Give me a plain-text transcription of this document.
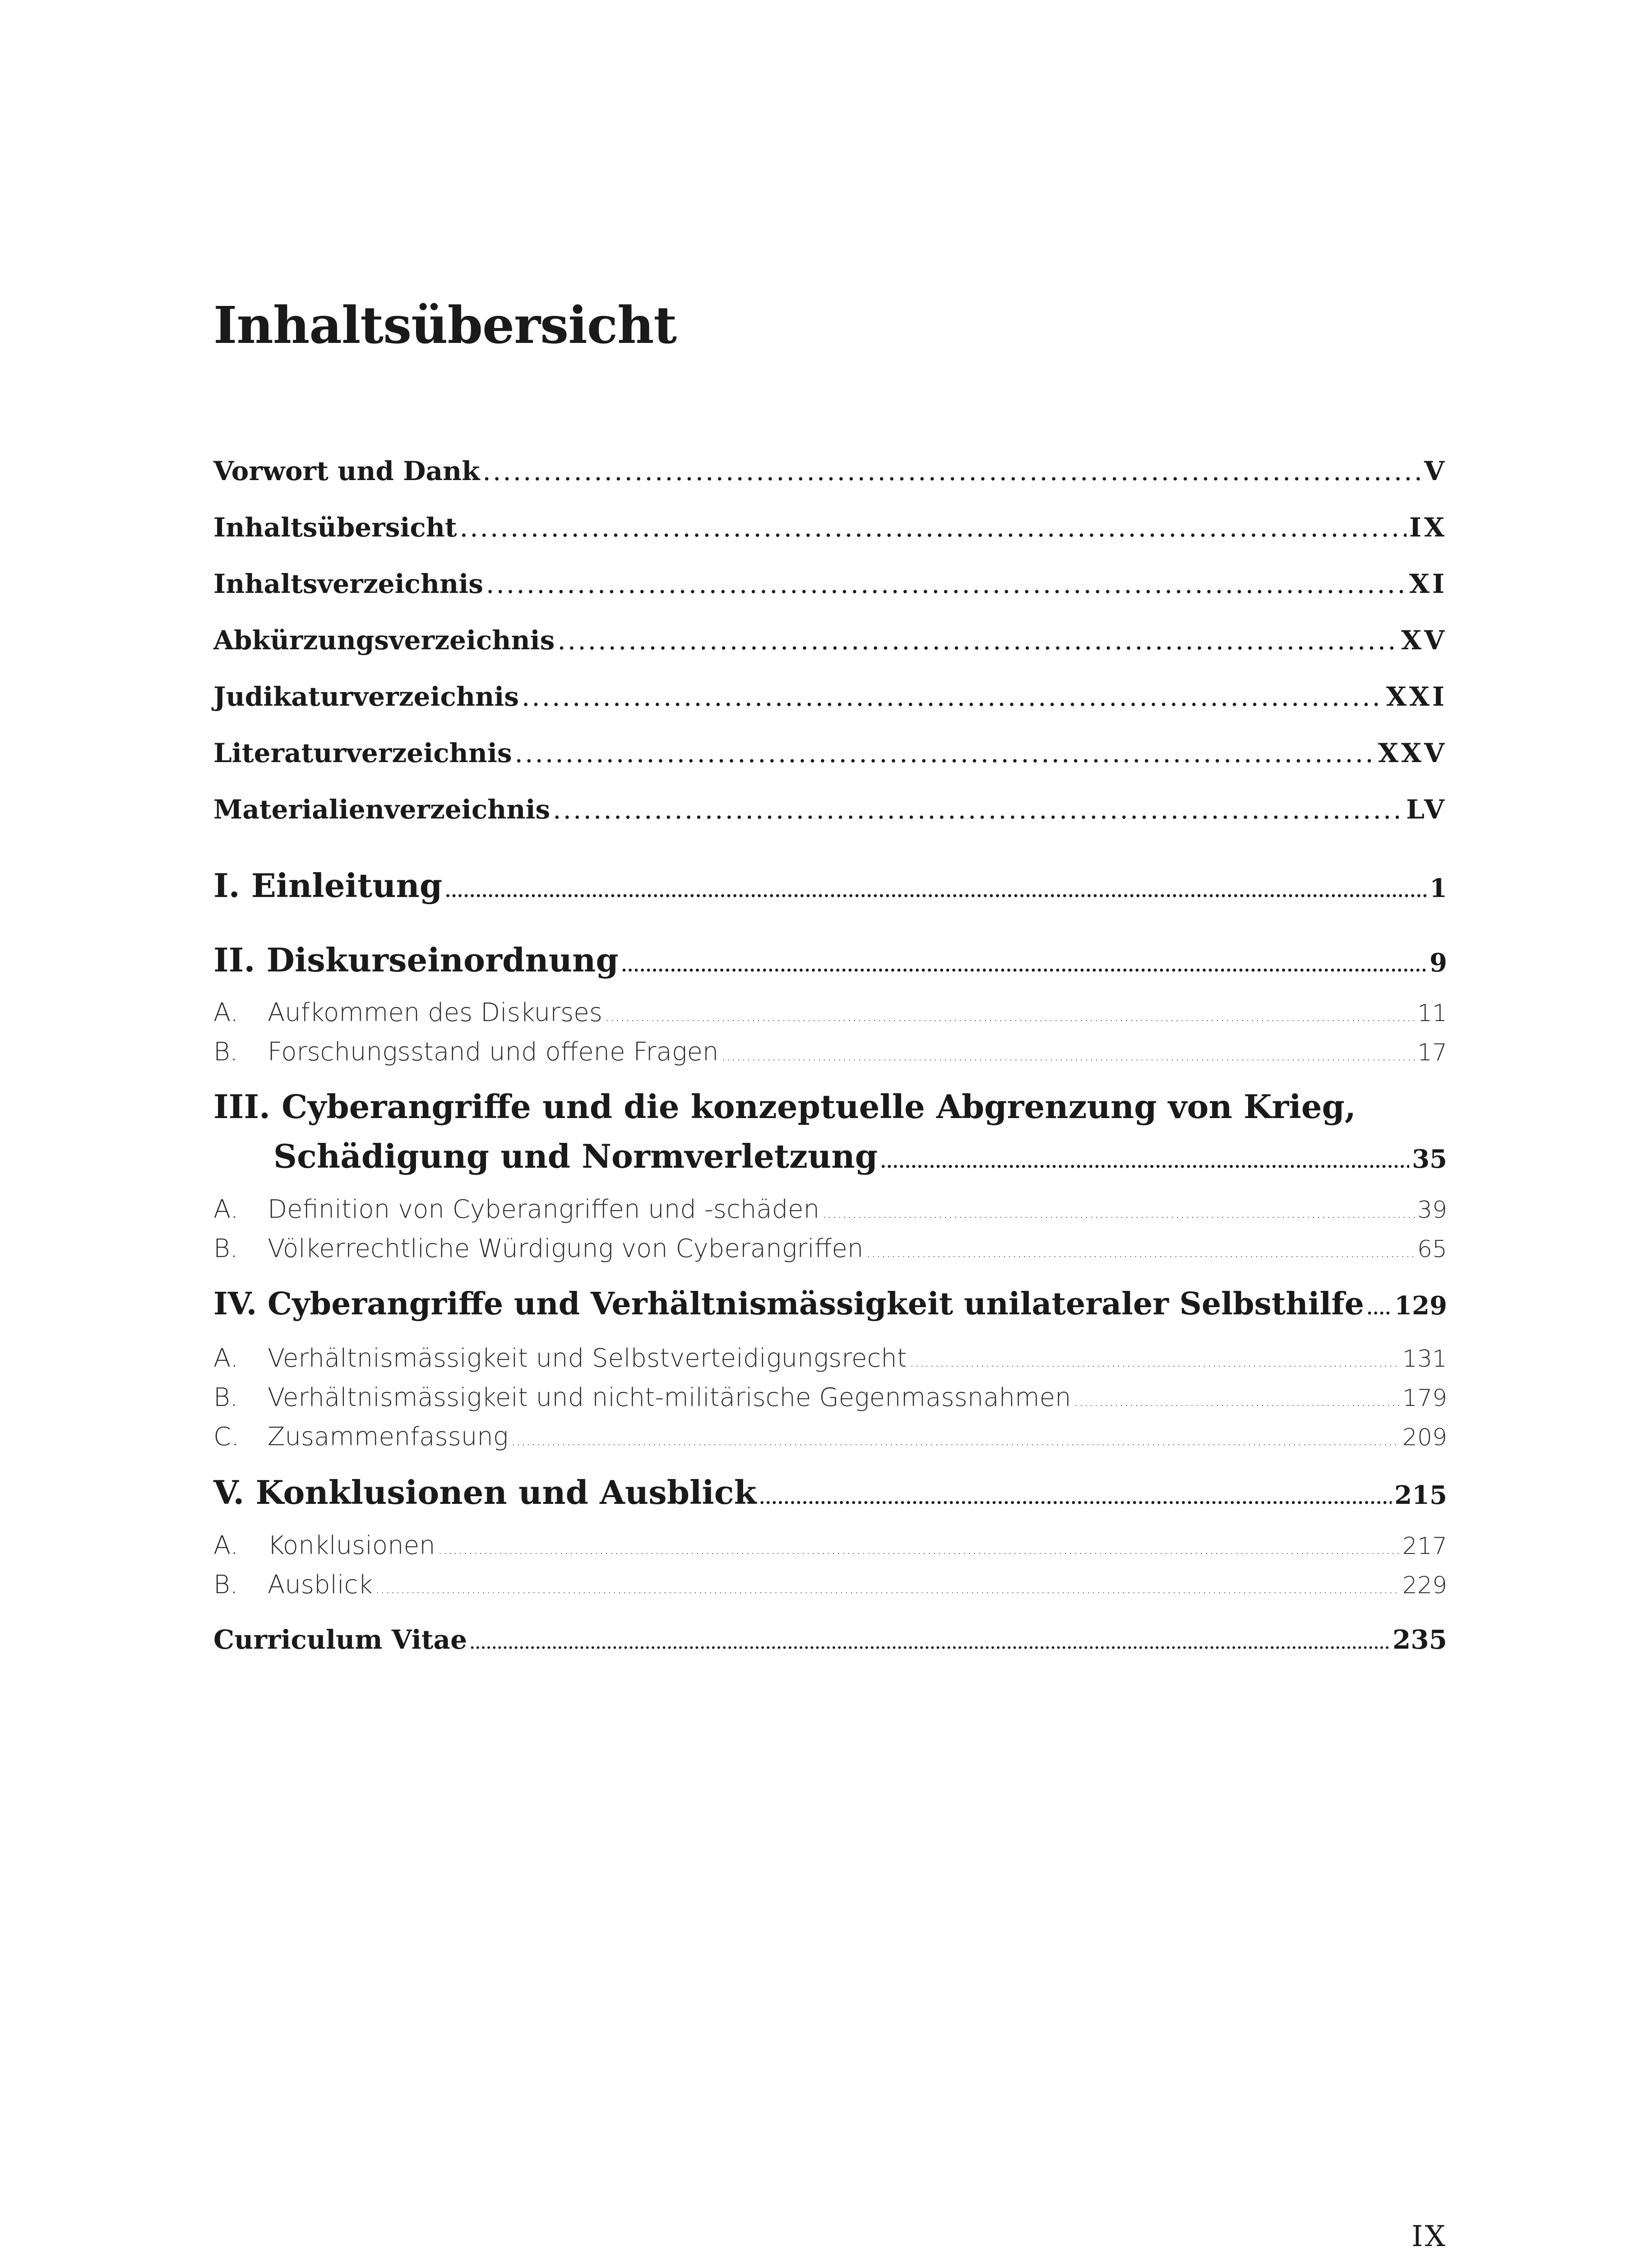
Inhaltsübersicht
Vorwort und Dank .....	V
Inhaltsübersicht .....	IX
Inhaltsverzeichnis .....	XI
Abkürzungsverzeichnis .....	XV
Judikaturverzeichnis .....	XXI
Literaturverzeichnis .....	XXV
Materialienverzeichnis .....	LV
I. Einleitung .....	1
II. Diskurseinordnung .....	9
A.	Aufkommen des Diskurses .....	11
B.	Forschungsstand und offene Fragen .....	17
III. Cyberangriffe und die konzeptuelle Abgrenzung von Krieg,
Schädigung und Normverletzung .....	35
A.	Definition von Cyberangriffen und -schäden .....	39
B.	Völkerrechtliche Würdigung von Cyberangriffen .....	65
IV. Cyberangriffe und Verhältnismässigkeit unilateraler Selbsthilfe ..... 129
A.	Verhältnismässigkeit und Selbstverteidigungsrecht .....	131
B.	Verhältnismässigkeit und nicht-militärische Gegenmassnahmen .....	179
C.	Zusammenfassung .....	209
V. Konklusionen und Ausblick .....	215
A.	Konklusionen .....	217
B.	Ausblick .....	229
Curriculum Vitae .....	235
IX
